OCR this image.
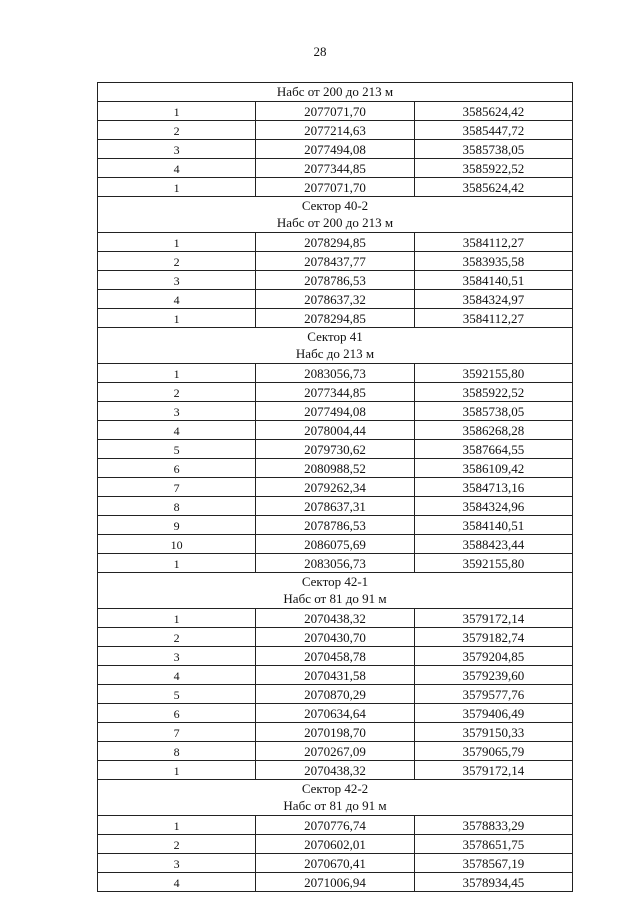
28
Набс от 200 до 213 м		

1	2077071,70	3585624,42
2	2077214,63	3585447,72
3	2077494,08	3585738,05
4	2077344,85	3585922,52
1	2077071,70	3585624,42

Сектор 40-2
Набс от 200 до 213 м		

1	2078294,85	3584112,27
2	2078437,77	3583935,58
3	2078786,53	3584140,51
4	2078637,32	3584324,97
1	2078294,85	3584112,27

Сектор 41
Набс до 213 м		

1	2083056,73	3592155,80
2	2077344,85	3585922,52
3	2077494,08	3585738,05
4	2078004,44	3586268,28
5	2079730,62	3587664,55
6	2080988,52	3586109,42
7	2079262,34	3584713,16
8	2078637,31	3584324,96
9	2078786,53	3584140,51
10	2086075,69	3588423,44
1	2083056,73	3592155,80

Сектор 42-1
Набс от 81 до 91 м		

1	2070438,32	3579172,14
2	2070430,70	3579182,74
3	2070458,78	3579204,85
4	2070431,58	3579239,60
5	2070870,29	3579577,76
6	2070634,64	3579406,49
7	2070198,70	3579150,33
8	2070267,09	3579065,79
1	2070438,32	3579172,14

Сектор 42-2
Набс от 81 до 91 м		

1	2070776,74	3578833,29
2	2070602,01	3578651,75
3	2070670,41	3578567,19
4	2071006,94	3578934,45
